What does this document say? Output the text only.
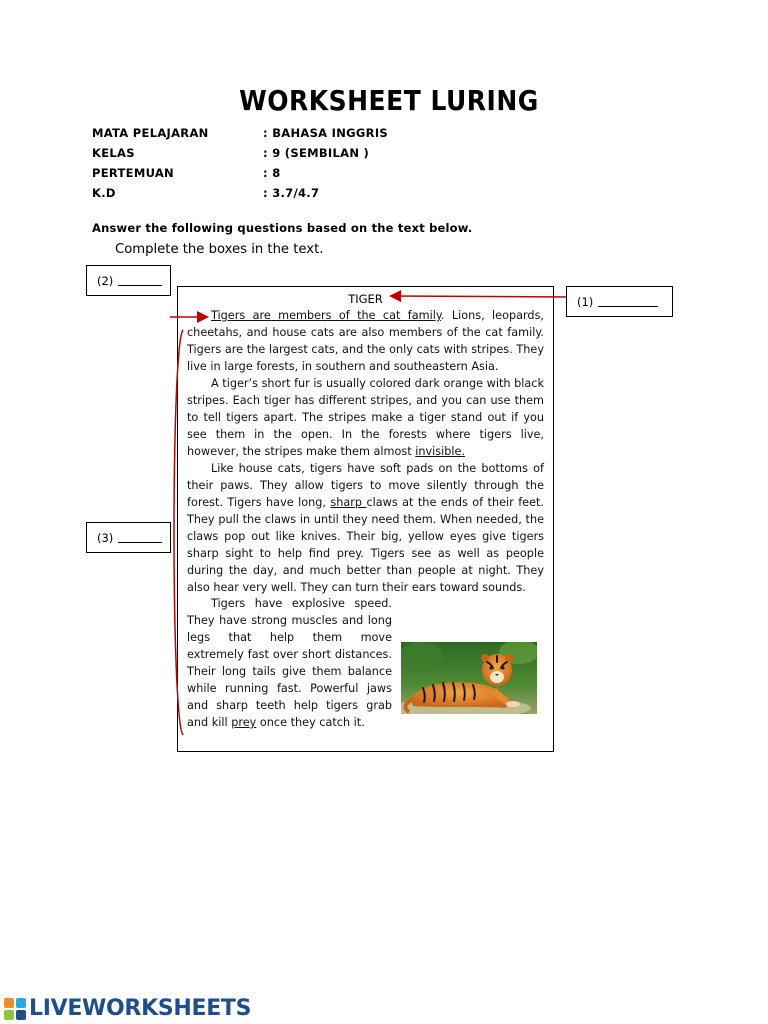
WORKSHEET LURING
MATA PELAJARAN	: BAHASA INGGRIS
KELAS	: 9 (SEMBILAN )
PERTEMUAN	: 8
K.D	: 3.7/4.7
Answer the following questions based on the text below.
Complete the boxes in the text.
(2)
(1)
(3)
TIGER

Tigers are members of the cat family. Lions, leopards, cheetahs, and house cats are also members of the cat family. Tigers are the largest cats, and the only cats with stripes. They live in large forests, in southern and southeastern Asia.

A tiger’s short fur is usually colored dark orange with black stripes. Each tiger has different stripes, and you can use them to tell tigers apart. The stripes make a tiger stand out if you see them in the open. In the forests where tigers live, however, the stripes make them almost invisible.

Like house cats, tigers have soft pads on the bottoms of their paws. They allow tigers to move silently through the forest. Tigers have long, sharp claws at the ends of their feet. They pull the claws in until they need them. When needed, the claws pop out like knives. Their big, yellow eyes give tigers sharp sight to help find prey. Tigers see as well as people during the day, and much better than people at night. They also hear very well. They can turn their ears toward sounds.

Tigers have explosive speed. They have strong muscles and long legs that help them move extremely fast over short distances. Their long tails give them balance while running fast. Powerful jaws and sharp teeth help tigers grab and kill prey once they catch it.

LIVEWORKSHEETS
